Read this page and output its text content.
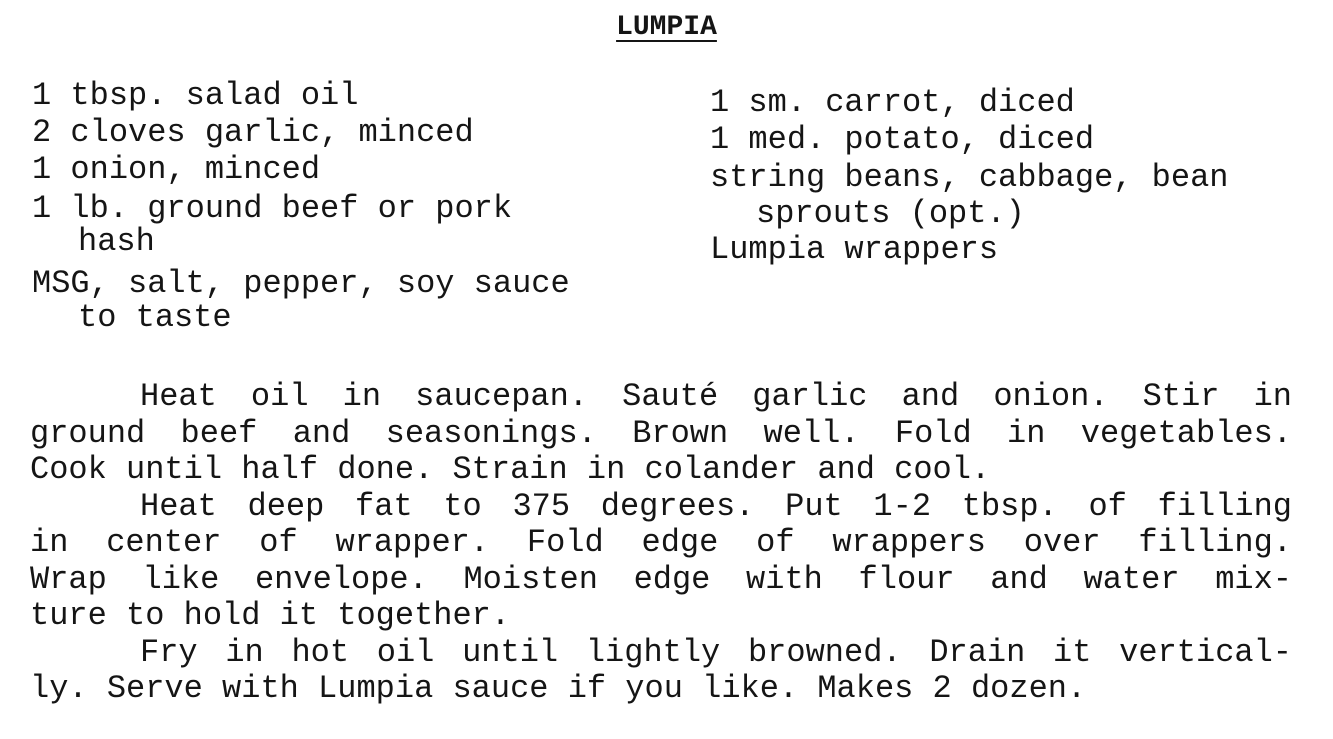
LUMPIA
1 tbsp. salad oil
2 cloves garlic, minced
1 onion, minced
1 lb. ground beef or pork
hash
MSG, salt, pepper, soy sauce
to taste
1 sm. carrot, diced
1 med. potato, diced
string beans, cabbage, bean
sprouts (opt.)
Lumpia wrappers
Heat oil in saucepan. Sauté garlic and onion. Stir in
ground beef and seasonings. Brown well. Fold in vegetables.
Cook until half done. Strain in colander and cool.
Heat deep fat to 375 degrees. Put 1-2 tbsp. of filling
in center of wrapper. Fold edge of wrappers over filling.
Wrap like envelope. Moisten edge with flour and water mix-
ture to hold it together.
Fry in hot oil until lightly browned. Drain it vertical-
ly. Serve with Lumpia sauce if you like. Makes 2 dozen.
